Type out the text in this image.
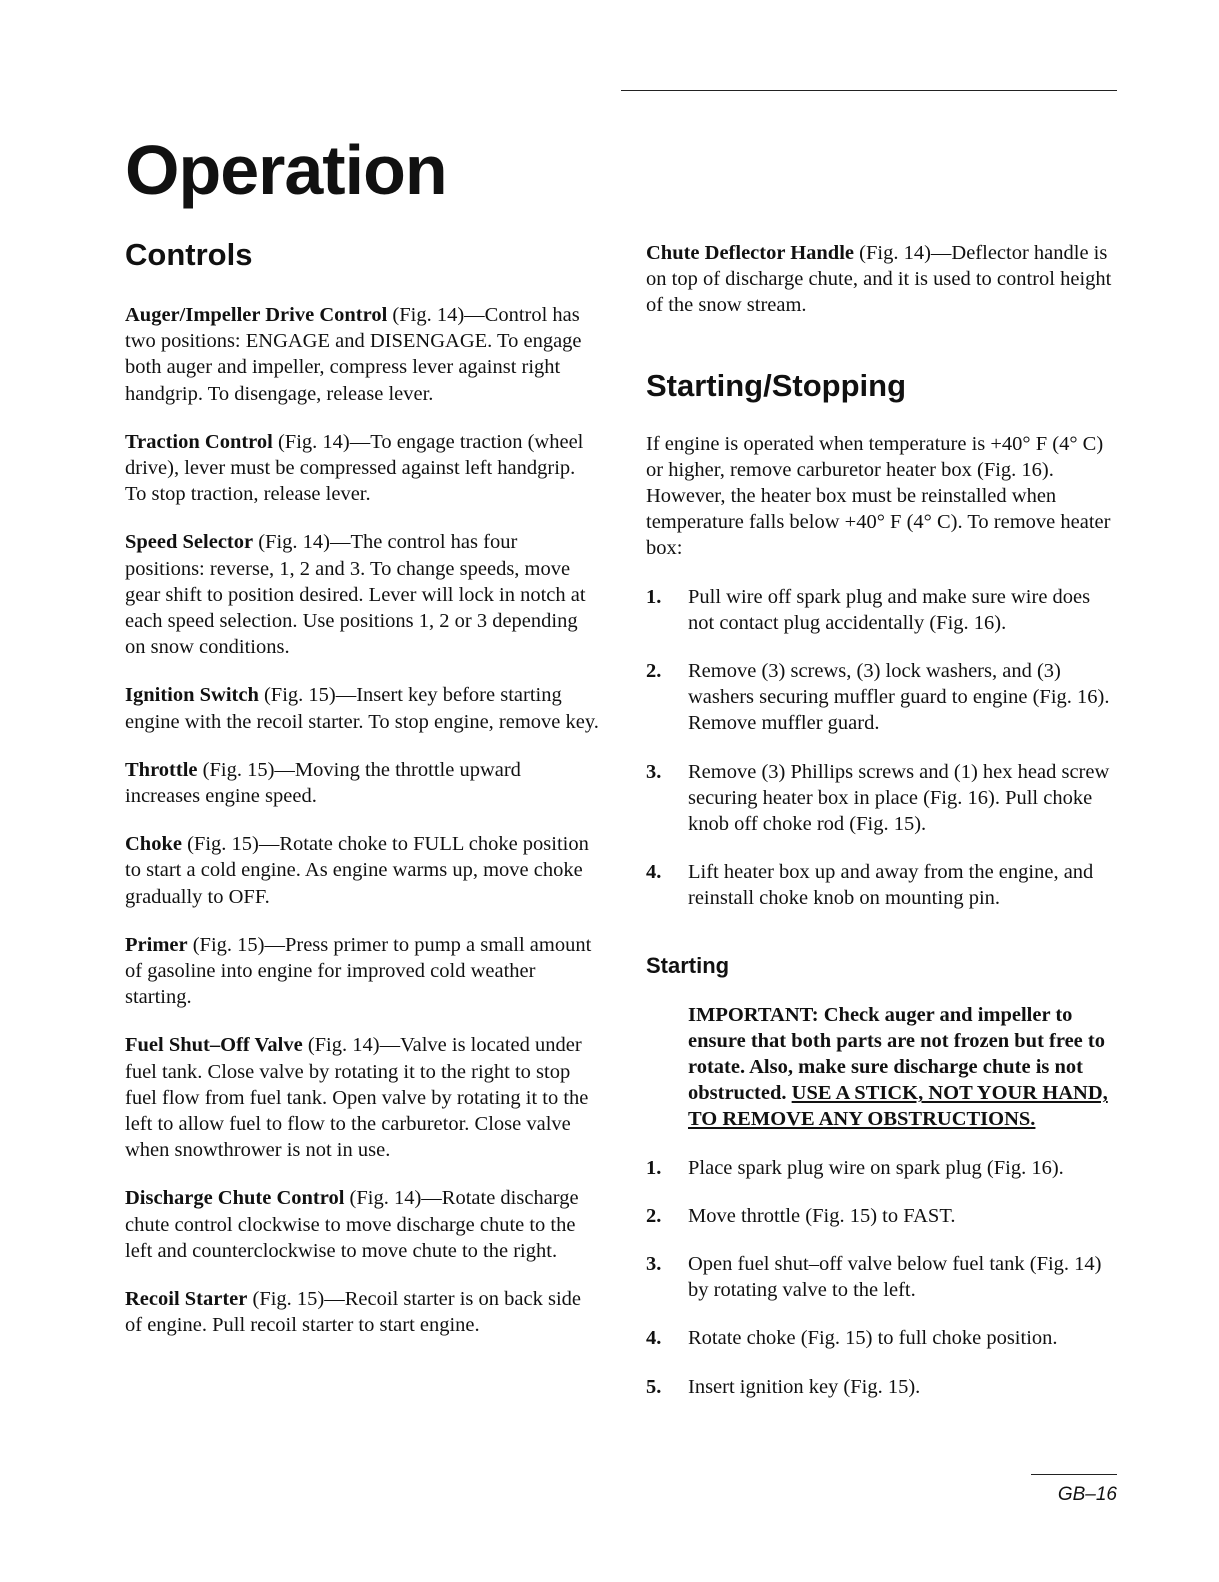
Operation
Controls

Auger/Impeller Drive Control (Fig. 14)—Control has two positions: ENGAGE and DISENGAGE. To engage both auger and impeller, compress lever against right handgrip. To disengage, release lever.

Traction Control (Fig. 14)—To engage traction (wheel drive), lever must be compressed against left handgrip. To stop traction, release lever.

Speed Selector (Fig. 14)—The control has four positions: reverse, 1, 2 and 3. To change speeds, move gear shift to position desired. Lever will lock in notch at each speed selection. Use positions 1, 2 or 3 depending on snow conditions.

Ignition Switch (Fig. 15)—Insert key before starting engine with the recoil starter. To stop engine, remove key.

Throttle (Fig. 15)—Moving the throttle upward increases engine speed.

Choke (Fig. 15)—Rotate choke to FULL choke position to start a cold engine. As engine warms up, move choke gradually to OFF.

Primer (Fig. 15)—Press primer to pump a small amount of gasoline into engine for improved cold weather starting.

Fuel Shut–Off Valve (Fig. 14)—Valve is located under fuel tank. Close valve by rotating it to the right to stop fuel flow from fuel tank. Open valve by rotating it to the left to allow fuel to flow to the carburetor. Close valve when snowthrower is not in use.

Discharge Chute Control (Fig. 14)—Rotate discharge chute control clockwise to move discharge chute to the left and counterclockwise to move chute to the right.

Recoil Starter (Fig. 15)—Recoil starter is on back side of engine. Pull recoil starter to start engine.

Chute Deflector Handle (Fig. 14)—Deflector handle is on top of discharge chute, and it is used to control height of the snow stream.

Starting/Stopping

If engine is operated when temperature is +40° F (4° C) or higher, remove carburetor heater box (Fig. 16). However, the heater box must be reinstalled when temperature falls below +40° F (4° C). To remove heater box:

1. Pull wire off spark plug and make sure wire does not contact plug accidentally (Fig. 16).
2. Remove (3) screws, (3) lock washers, and (3) washers securing muffler guard to engine (Fig. 16). Remove muffler guard.
3. Remove (3) Phillips screws and (1) hex head screw securing heater box in place (Fig. 16). Pull choke knob off choke rod (Fig. 15).
4. Lift heater box up and away from the engine, and reinstall choke knob on mounting pin.
Starting

IMPORTANT: Check auger and impeller to ensure that both parts are not frozen but free to rotate. Also, make sure discharge chute is not obstructed. USE A STICK, NOT YOUR HAND, TO REMOVE ANY OBSTRUCTIONS.

1. Place spark plug wire on spark plug (Fig. 16).
2. Move throttle (Fig. 15) to FAST.
3. Open fuel shut–off valve below fuel tank (Fig. 14) by rotating valve to the left.
4. Rotate choke (Fig. 15) to full choke position.
5. Insert ignition key (Fig. 15).
GB–16
